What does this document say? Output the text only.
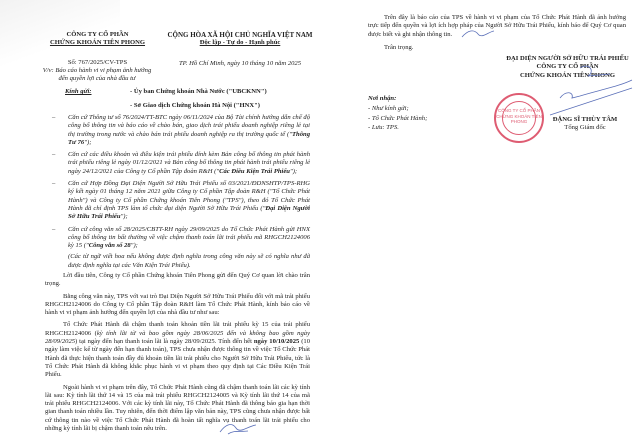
CÔNG TY CỔ PHẦN
CHỨNG KHOÁN TIÊN PHONG
CỘNG HÒA XÃ HỘI CHỦ NGHĨA VIỆT NAM
Độc lập - Tự do - Hạnh phúc
Số: 767/2025/CV-TPS
V/v: Báo cáo hành vi vi phạm ảnh hưởng đến quyền lợi của nhà đầu tư
TP. Hồ Chí Minh, ngày 10 tháng 10 năm 2025
Kính gửi:	- Ủy ban Chứng khoán Nhà Nước ("UBCKNN")
- Sở Giao dịch Chứng khoán Hà Nội ("HNX")
–	Căn cứ Thông tư số 76/2024/TT-BTC ngày 06/11/2024 của Bộ Tài chính hướng dẫn chế độ công bố thông tin và báo cáo về chào bán, giao dịch trái phiếu doanh nghiệp riêng lẻ tại thị trường trong nước và chào bán trái phiếu doanh nghiệp ra thị trường quốc tế ("Thông Tư 76");
–	Căn cứ các điều khoản và điều kiện trái phiếu đính kèm Bản công bố thông tin phát hành trái phiếu riêng lẻ ngày 01/12/2021 và Bản công bố thông tin phát hành trái phiếu riêng lẻ ngày 24/12/2021 của Công ty Cổ phần Tập đoàn R&H ("Các Điều Kiện Trái Phiếu");
–	Căn cứ Hợp Đồng Đại Diện Người Sở Hữu Trái Phiếu số 03/2021/ĐDNSHTP/TPS-RHG ký kết ngày 01 tháng 12 năm 2021 giữa Công ty Cổ phần Tập đoàn R&H ("Tổ Chức Phát Hành") và Công ty Cổ phần Chứng khoán Tiên Phong ("TPS"), theo đó Tổ Chức Phát Hành đã chỉ định TPS làm tổ chức đại diện Người Sở Hữu Trái Phiếu ("Đại Diện Người Sở Hữu Trái Phiếu");
–	Căn cứ công văn số 28/2025/CBTT-RH ngày 29/09/2025 do Tổ Chức Phát Hành gửi HNX công bố thông tin bất thường về việc chậm thanh toán lãi trái phiếu mã RHGCH2124006 kỳ 15 ("Công văn số 28");
(Các từ ngữ viết hoa nếu không được định nghĩa trong công văn này sẽ có nghĩa như đã được định nghĩa tại các Văn Kiện Trái Phiếu).

Lời đầu tiên, Công ty Cổ phần Chứng khoán Tiên Phong gửi đến Quý Cơ quan lời chào trân trọng.

Bằng công văn này, TPS với vai trò Đại Diện Người Sở Hữu Trái Phiếu đối với mã trái phiếu RHGCH2124006 do Công ty Cổ phần Tập đoàn R&H làm Tổ Chức Phát Hành, kính báo cáo về hành vi vi phạm ảnh hưởng đến quyền lợi của nhà đầu tư như sau:

Tổ Chức Phát Hành đã chậm thanh toán khoản tiền lãi trái phiếu kỳ 15 của trái phiếu RHGCH2124006 (kỳ tính lãi từ và bao gồm ngày 28/06/2025 đến và không bao gồm ngày 28/09/2025) tại ngày đến hạn thanh toán lãi là ngày 28/09/2025. Tính đến hết ngày 10/10/2025 (10 ngày làm việc kể từ ngày đến hạn thanh toán), TPS chưa nhận được thông tin về việc Tổ Chức Phát Hành đã thực hiện thanh toán đầy đủ khoản tiền lãi trái phiếu cho Người Sở Hữu Trái Phiếu, tức là Tổ Chức Phát Hành đã không khắc phục hành vi vi phạm theo quy định tại Các Điều Kiện Trái Phiếu.

Ngoài hành vi vi phạm trên đây, Tổ Chức Phát Hành cũng đã chậm thanh toán lãi các kỳ tính lãi sau: Kỳ tính lãi thứ 14 và 15 của mã trái phiếu RHGCH2124005 và Kỳ tính lãi thứ 14 của mã trái phiếu RHGCH2124006. Với các kỳ tính lãi này, Tổ Chức Phát Hành đã thông báo gia hạn thời gian thanh toán nhiều lần. Tuy nhiên, đến thời điểm lập văn bản này, TPS cũng chưa nhận được bất cứ thông tin nào về việc Tổ Chức Phát Hành đã hoàn tất nghĩa vụ thanh toán lãi trái phiếu cho những kỳ tính lãi bị chậm thanh toán nêu trên.

Trên đây là báo cáo của TPS về hành vi vi phạm của Tổ Chức Phát Hành đã ảnh hưởng trực tiếp đến quyền và lợi ích hợp pháp của Người Sở Hữu Trái Phiếu, kính báo để Quý Cơ quan được biết và ghi nhận thông tin.
Trân trọng.
ĐẠI DIỆN NGƯỜI SỞ HỮU TRÁI PHIẾU
CÔNG TY CỔ PHẦN
CHỨNG KHOÁN TIÊN PHONG
CÔNG TY CỔ PHẦN CHỨNG KHOÁN TIÊN PHONG
Nơi nhận:
- Như kính gửi;
- Tổ Chức Phát Hành;
- Lưu: TPS.
ĐẶNG SĨ THÙY TÂM
Tổng Giám đốc
